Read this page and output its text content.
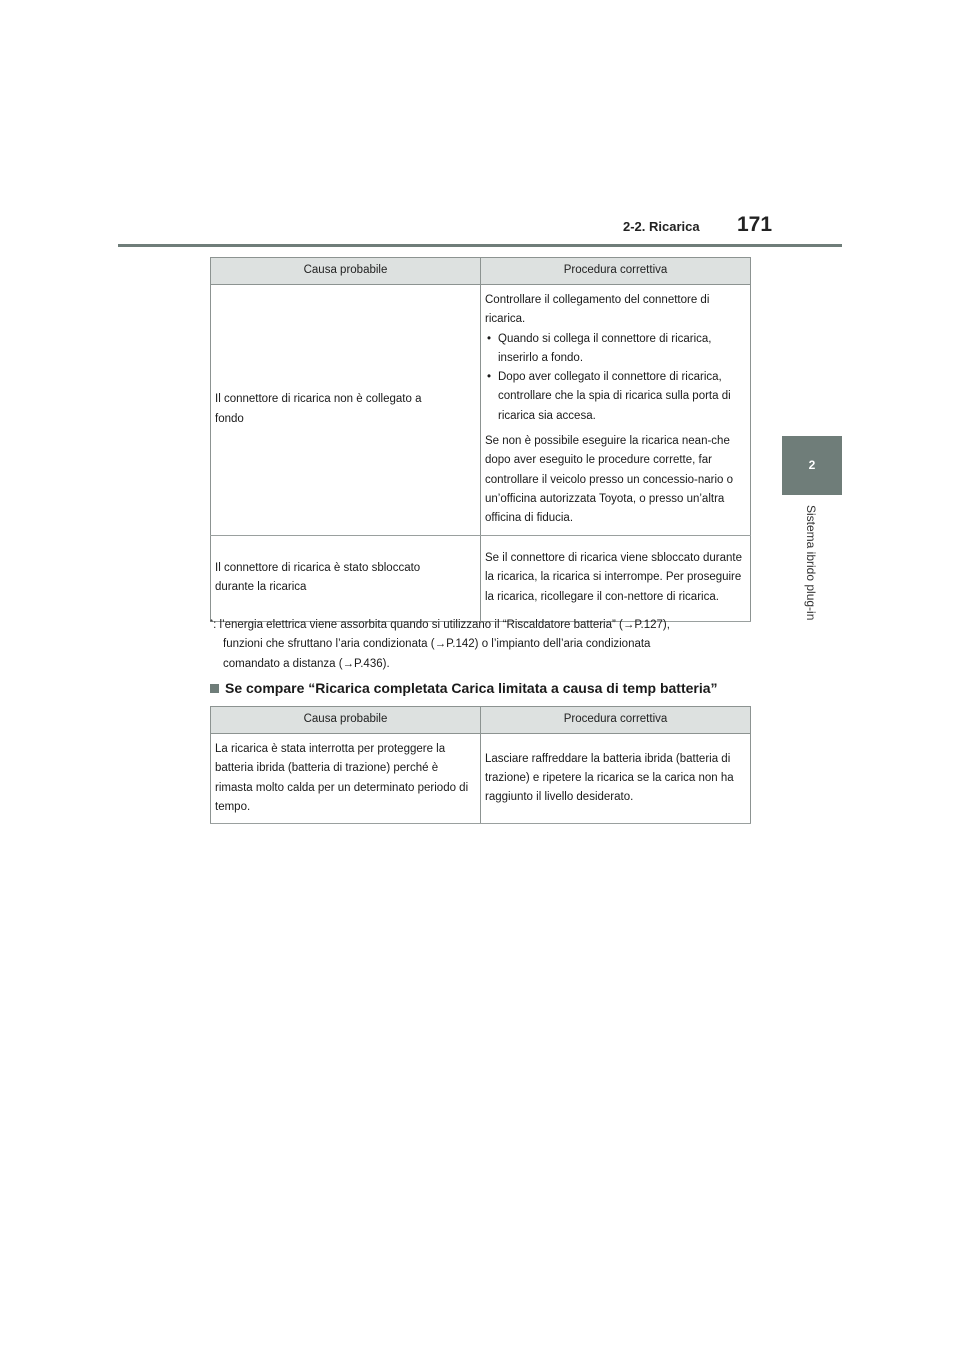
2-2. Ricarica 171
2
Sistema ibrido plug-in
Causa probabile	Procedura correttiva
Il connettore di ricarica non è collegato a fondo	Controllare il collegamento del connettore di ricarica.
• Quando si collega il connettore di ricarica, inserirlo a fondo.
• Dopo aver collegato il connettore di ricarica, controllare che la spia di ricarica sulla porta di ricarica sia accesa.
Se non è possibile eseguire la ricarica nean-che dopo aver eseguito le procedure corrette, far controllare il veicolo presso un concessio-nario o un’officina autorizzata Toyota, o presso un’altra officina di fiducia.

Il connettore di ricarica è stato sbloccato durante la ricarica	Se il connettore di ricarica viene sbloccato durante la ricarica, la ricarica si interrompe. Per proseguire la ricarica, ricollegare il con-nettore di ricarica.
*: l’energia elettrica viene assorbita quando si utilizzano il “Riscaldatore batteria” (→P.127),
funzioni che sfruttano l’aria condizionata (→P.142) o l’impianto dell’aria condizionata
comandato a distanza (→P.436).
Se compare “Ricarica completata Carica limitata a causa di temp batteria”
Causa probabile	Procedura correttiva
La ricarica è stata interrotta per proteggere la batteria ibrida (batteria di trazione) perché è rimasta molto calda per un determinato periodo di tempo.	Lasciare raffreddare la batteria ibrida (batteria di trazione) e ripetere la ricarica se la carica non ha raggiunto il livello desiderato.
